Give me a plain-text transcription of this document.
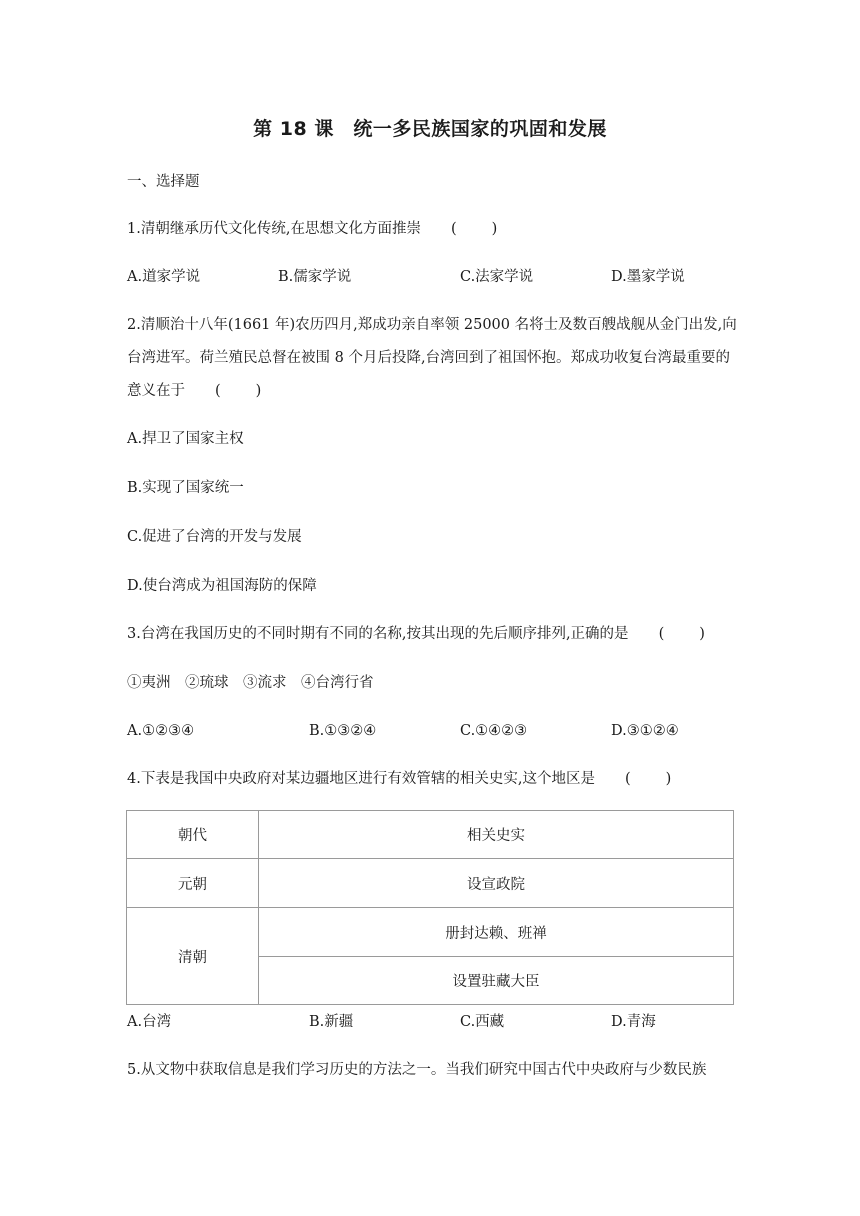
第 18 课　统一多民族国家的巩固和发展
一、选择题
1.清朝继承历代文化传统,在思想文化方面推崇 (　　)
A.道家学说	B.儒家学说	C.法家学说	D.墨家学说
2.清顺治十八年(1661 年)农历四月,郑成功亲自率领 25000 名将士及数百艘战舰从金门出发,向台湾进军。荷兰殖民总督在被围 8 个月后投降,台湾回到了祖国怀抱。郑成功收复台湾最重要的意义在于 (　　)
A.捍卫了国家主权
B.实现了国家统一
C.促进了台湾的开发与发展
D.使台湾成为祖国海防的保障
3.台湾在我国历史的不同时期有不同的名称,按其出现的先后顺序排列,正确的是 (　　)
①夷洲　②琉球　③流求　④台湾行省
A.①②③④	B.①③②④	C.①④②③	D.③①②④
4.下表是我国中央政府对某边疆地区进行有效管辖的相关史实,这个地区是 (　　)
朝代	相关史实
元朝	设宣政院
清朝	册封达赖、班禅
	设置驻藏大臣
A.台湾	B.新疆	C.西藏	D.青海
5.从文物中获取信息是我们学习历史的方法之一。当我们研究中国古代中央政府与少数民族
